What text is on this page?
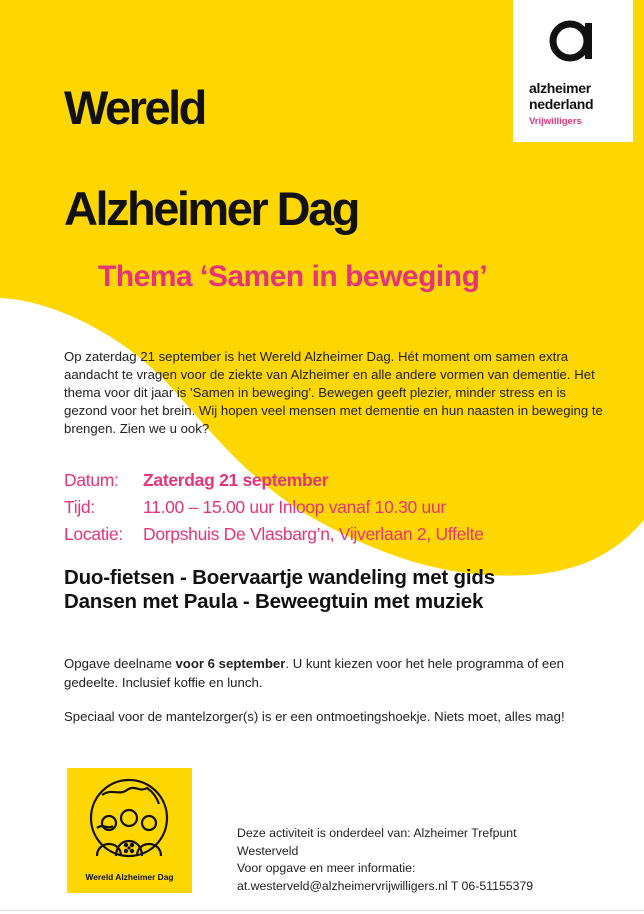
Wereld
Alzheimer Dag
Thema ‘Samen in beweging’
Op zaterdag 21 september is het Wereld Alzheimer Dag. Hét moment om samen extra aandacht te vragen voor de ziekte van Alzheimer en alle andere vormen van dementie. Het thema voor dit jaar is 'Samen in beweging'. Bewegen geeft plezier, minder stress en is gezond voor het brein. Wij hopen veel mensen met dementie en hun naasten in beweging te brengen. Zien we u ook?
Datum: Zaterdag 21 september
Tijd:	11.00 – 15.00 uur Inloop vanaf 10.30 uur
Locatie: Dorpshuis De Vlasbarg’n, Vijverlaan 2, Uffelte
Duo-fietsen - Boervaartje wandeling met gids
Dansen met Paula - Beweegtuin met muziek
Opgave deelname voor 6 september. U kunt kiezen voor het hele programma of een gedeelte. Inclusief koffie en lunch.
Speciaal voor de mantelzorger(s) is er een ontmoetingshoekje. Niets moet, alles mag!
alzheimer
nederland
Vrijwilligers
Wereld Alzheimer Dag
Deze activiteit is onderdeel van: Alzheimer Trefpunt
Westerveld
Voor opgave en meer informatie:
at.westerveld@alzheimervrijwilligers.nl T 06-51155379
